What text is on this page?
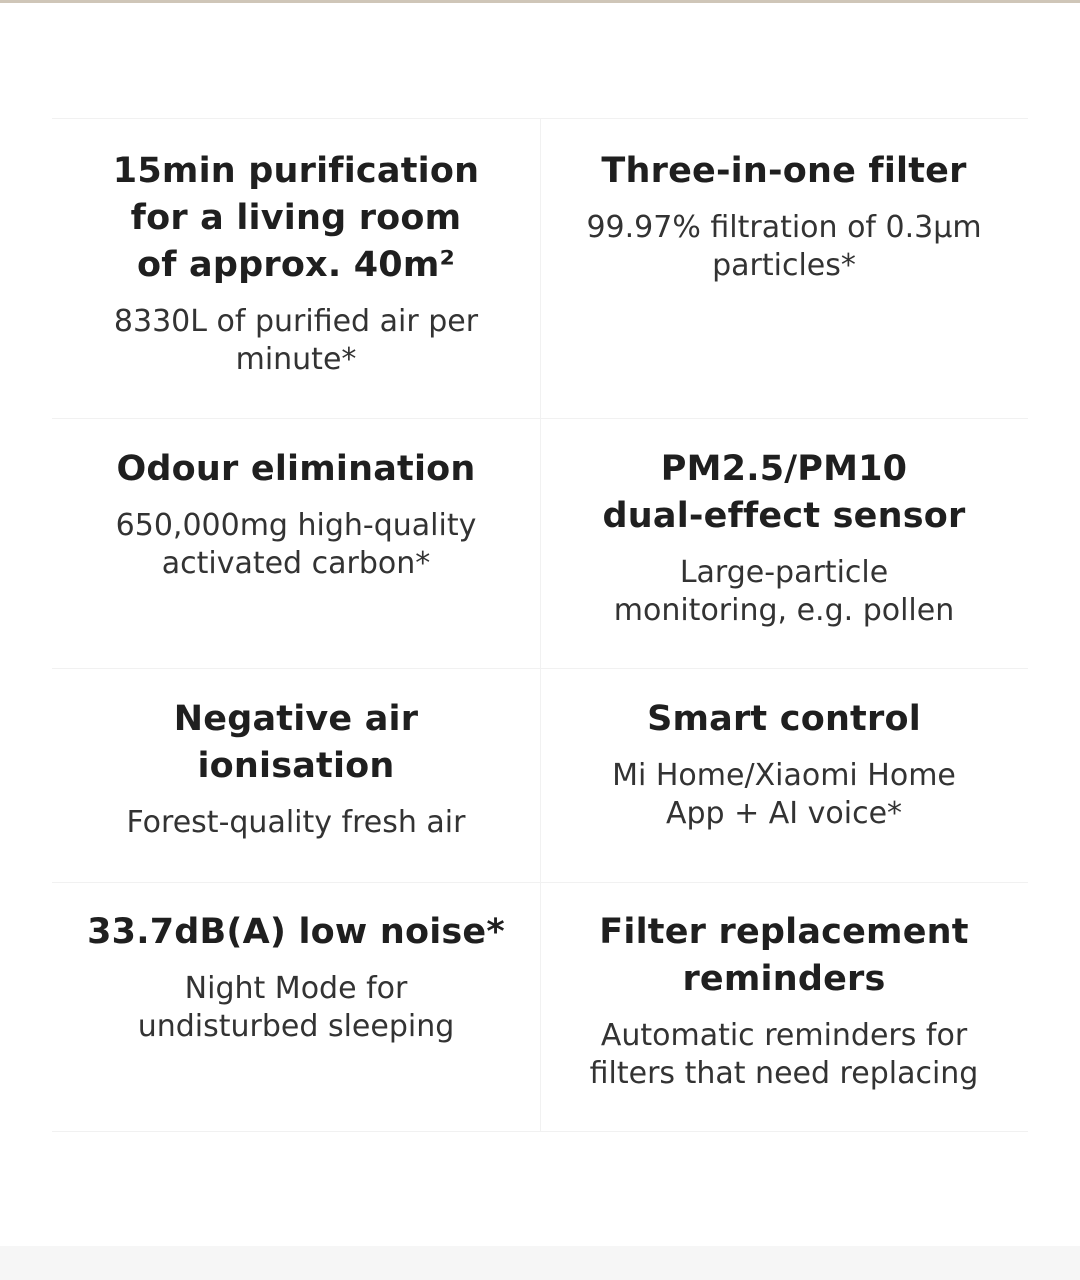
15min purification
for a living room
of approx. 40m²
8330L of purified air per
minute*
Three-in-one filter
99.97% filtration of 0.3µm
particles*
Odour elimination
650,000mg high-quality
activated carbon*
PM2.5/PM10
dual-effect sensor
Large-particle
monitoring, e.g. pollen
Negative air
ionisation
Forest-quality fresh air
Smart control
Mi Home/Xiaomi Home
App + AI voice*
33.7dB(A) low noise*
Night Mode for
undisturbed sleeping
Filter replacement
reminders
Automatic reminders for
filters that need replacing
